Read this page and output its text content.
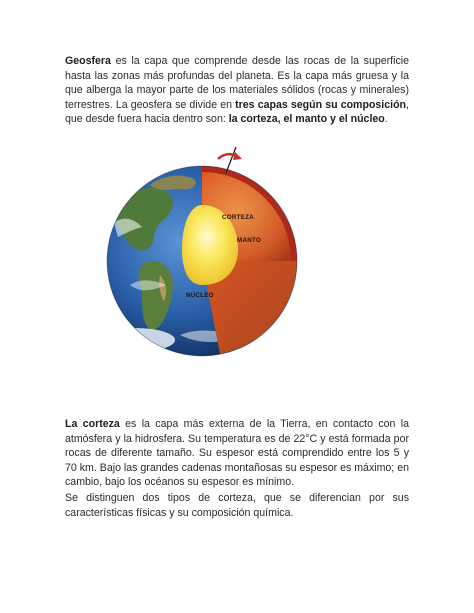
Geosfera es la capa que comprende desde las rocas de la superficie hasta las zonas más profundas del planeta. Es la capa más gruesa y la que alberga la mayor parte de los materiales sólidos (rocas y minerales) terrestres. La geosfera se divide en tres capas según su composición, que desde fuera hacia dentro son: la corteza, el manto y el núcleo.

CORTEZA
MANTO
NÚCLEO

La corteza es la capa más externa de la Tierra, en contacto con la atmósfera y la hidrosfera. Su temperatura es de 22°C y está formada por rocas de diferente tamaño. Su espesor está comprendido entre los 5 y 70 km. Bajo las grandes cadenas montañosas su espesor es máximo; en cambio, bajo los océanos su espesor es mínimo.

Se distinguen dos tipos de corteza, que se diferencian por sus características físicas y su composición química.
